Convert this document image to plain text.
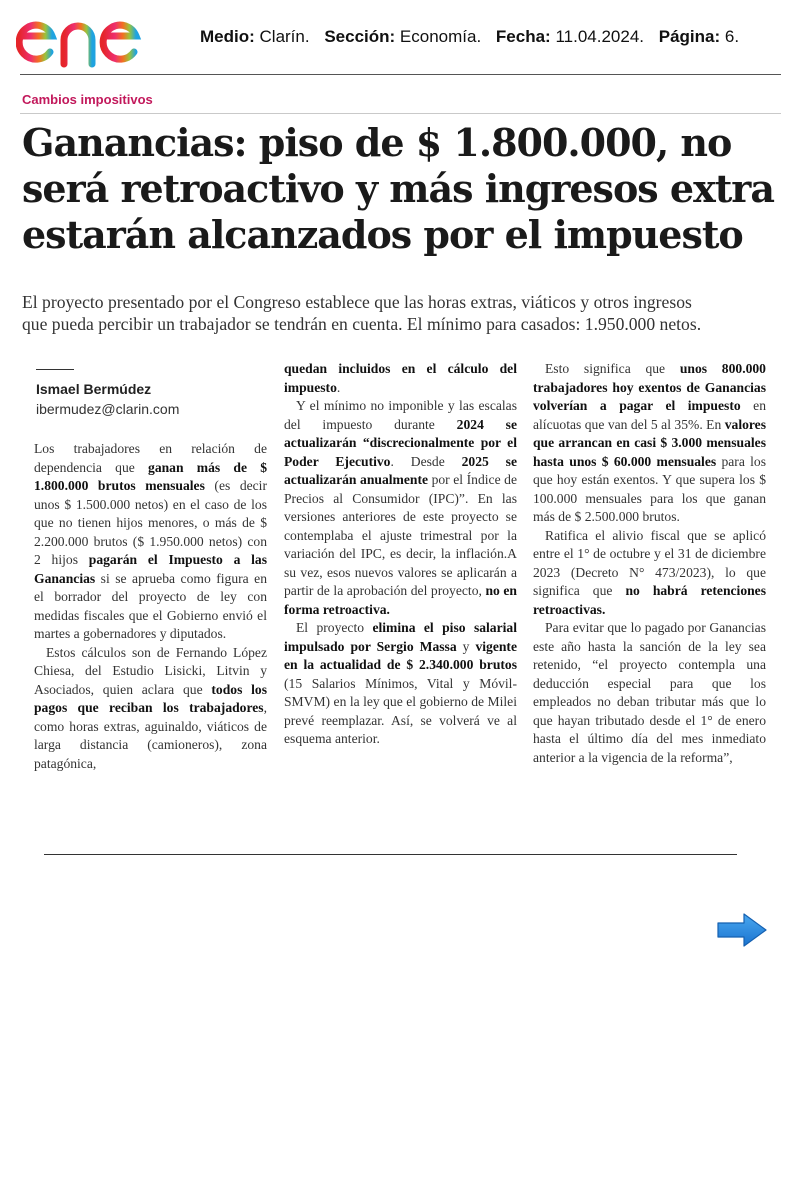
Medio: Clarín. Sección: Economía. Fecha: 11.04.2024. Página: 6.
Cambios impositivos
Ganancias: piso de $ 1.800.000, no
será retroactivo y más ingresos extra
estarán alcanzados por el impuesto
El proyecto presentado por el Congreso establece que las horas extras, viáticos y otros ingresos
que pueda percibir un trabajador se tendrán en cuenta. El mínimo para casados: 1.950.000 netos.
Ismael Bermúdez
ibermudez@clarin.com

Los trabajadores en relación de dependencia que ganan más de $ 1.800.000 brutos mensuales (es decir unos $ 1.500.000 netos) en el caso de los que no tienen hijos menores, o más de $ 2.200.000 brutos ($ 1.950.000 netos) con 2 hijos pagarán el Impuesto a las Ganancias si se aprueba como figura en el borrador del proyecto de ley con medidas fiscales que el Gobierno envió el martes a gobernadores y diputados.

Estos cálculos son de Fernando López Chiesa, del Estudio Lisicki, Litvin y Asociados, quien aclara que todos los pagos que reciban los trabajadores, como horas extras, aguinaldo, viáticos de larga distancia (camioneros), zona patagónica,

quedan incluidos en el cálculo del impuesto.

Y el mínimo no imponible y las escalas del impuesto durante 2024 se actualizarán “discrecionalmente por el Poder Ejecutivo. Desde 2025 se actualizarán anualmente por el Índice de Precios al Consumidor (IPC)”. En las versiones anteriores de este proyecto se contemplaba el ajuste trimestral por la variación del IPC, es decir, la inflación.A su vez, esos nuevos valores se aplicarán a partir de la aprobación del proyecto, no en forma retroactiva.

El proyecto elimina el piso salarial impulsado por Sergio Massa y vigente en la actualidad de $ 2.340.000 brutos (15 Salarios Mínimos, Vital y Móvil- SMVM) en la ley que el gobierno de Milei prevé reemplazar. Así, se volverá ve al esquema anterior.

Esto significa que unos 800.000 trabajadores hoy exentos de Ganancias volverían a pagar el impuesto en alícuotas que van del 5 al 35%. En valores que arrancan en casi $ 3.000 mensuales hasta unos $ 60.000 mensuales para los que hoy están exentos. Y que supera los $ 100.000 mensuales para los que ganan más de $ 2.500.000 brutos.

Ratifica el alivio fiscal que se aplicó entre el 1° de octubre y el 31 de diciembre 2023 (Decreto N° 473/2023), lo que significa que no habrá retenciones retroactivas.

Para evitar que lo pagado por Ganancias este año hasta la sanción de la ley sea retenido, “el proyecto contempla una deducción especial para que los empleados no deban tributar más que lo que hayan tributado desde el 1° de enero hasta el último día del mes inmediato anterior a la vigencia de la reforma”,
